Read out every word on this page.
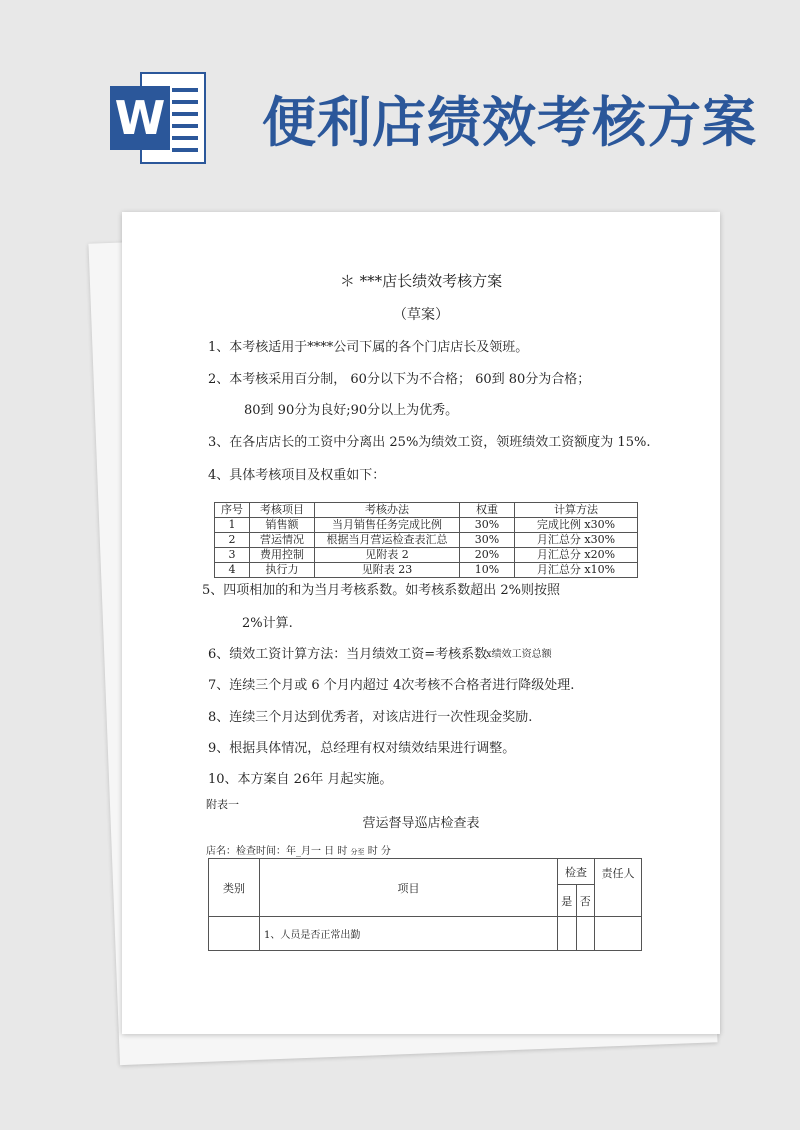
W 便利店绩效考核方案
＊ ***店长绩效考核方案
（草案）
1、本考核适用于****公司下属的各个门店店长及领班。
2、本考核采用百分制， 60分以下为不合格； 60到 80分为合格；
80到 90分为良好;90分以上为优秀。
3、在各店店长的工资中分离出 25%为绩效工资，领班绩效工资额度为 15%.
4、具体考核项目及权重如下：
序号	考核项目	考核办法	权重	计算方法
1	销售额	当月销售任务完成比例	30%	完成比例 x30%
2	营运情况	根据当月营运检查表汇总	30%	月汇总分 x30%
3	费用控制	见附表 2	20%	月汇总分 x20%
4	执行力	见附表 23	10%	月汇总分 x10%
5、四项相加的和为当月考核系数。如考核系数超出 2%则按照
2%计算.
6、绩效工资计算方法：当月绩效工资=考核系数
x绩效工资总额
7、连续三个月或 6 个月内超过 4次考核不合格者进行降级处理.
8、连续三个月达到优秀者，对该店进行一次性现金奖励.
9、根据具体情况，总经理有权对绩效结果进行调整。
10、本方案自 26年 月起实施。
附表一
营运督导巡店检查表
店名：检查时间：年_月一 日 时 分至 时 分
类别	项目	检查		责任人
		是	否	
	1、人员是否正常出勤			
